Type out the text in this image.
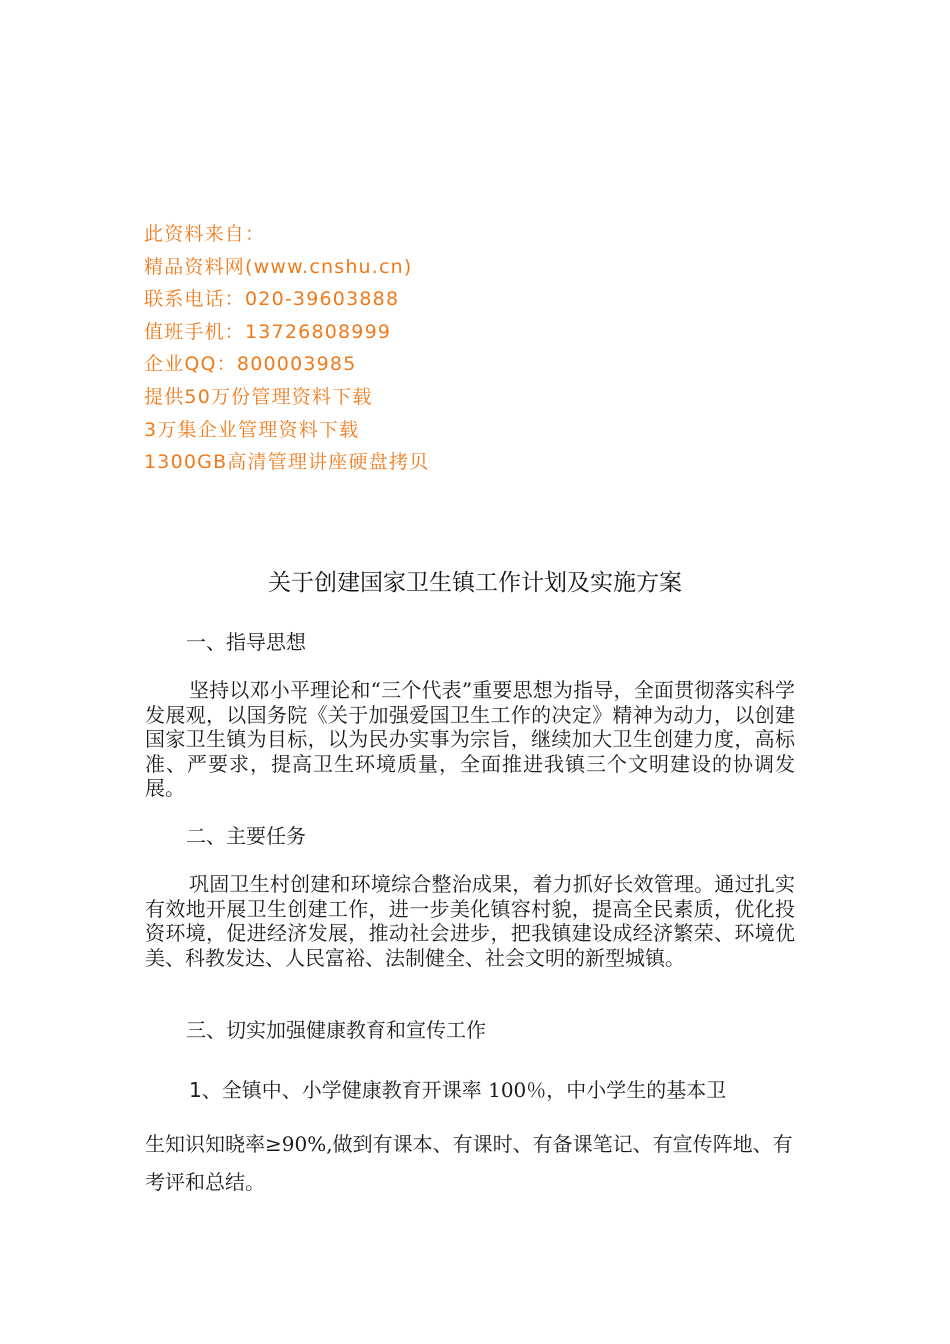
此资料来自：
精品资料网(www.cnshu.cn)
联系电话：020-39603888
值班手机：13726808999
企业QQ：800003985
提供50万份管理资料下载
3万集企业管理资料下载
1300GB高清管理讲座硬盘拷贝
关于创建国家卫生镇工作计划及实施方案
一、指导思想
坚持以邓小平理论和“三个代表”重要思想为指导，全面贯彻落实科学发展观，以国务院《关于加强爱国卫生工作的决定》精神为动力，以创建国家卫生镇为目标，以为民办实事为宗旨，继续加大卫生创建力度，高标准、严要求，提高卫生环境质量，全面推进我镇三个文明建设的协调发展。
二、主要任务
巩固卫生村创建和环境综合整治成果，着力抓好长效管理。通过扎实有效地开展卫生创建工作，进一步美化镇容村貌，提高全民素质，优化投资环境，促进经济发展，推动社会进步，把我镇建设成经济繁荣、环境优美、科教发达、人民富裕、法制健全、社会文明的新型城镇。
三、切实加强健康教育和宣传工作
1、全镇中、小学健康教育开课率 100％，中小学生的基本卫
生知识知晓率≥90%,做到有课本、有课时、有备课笔记、有宣传阵地、有考评和总结。
